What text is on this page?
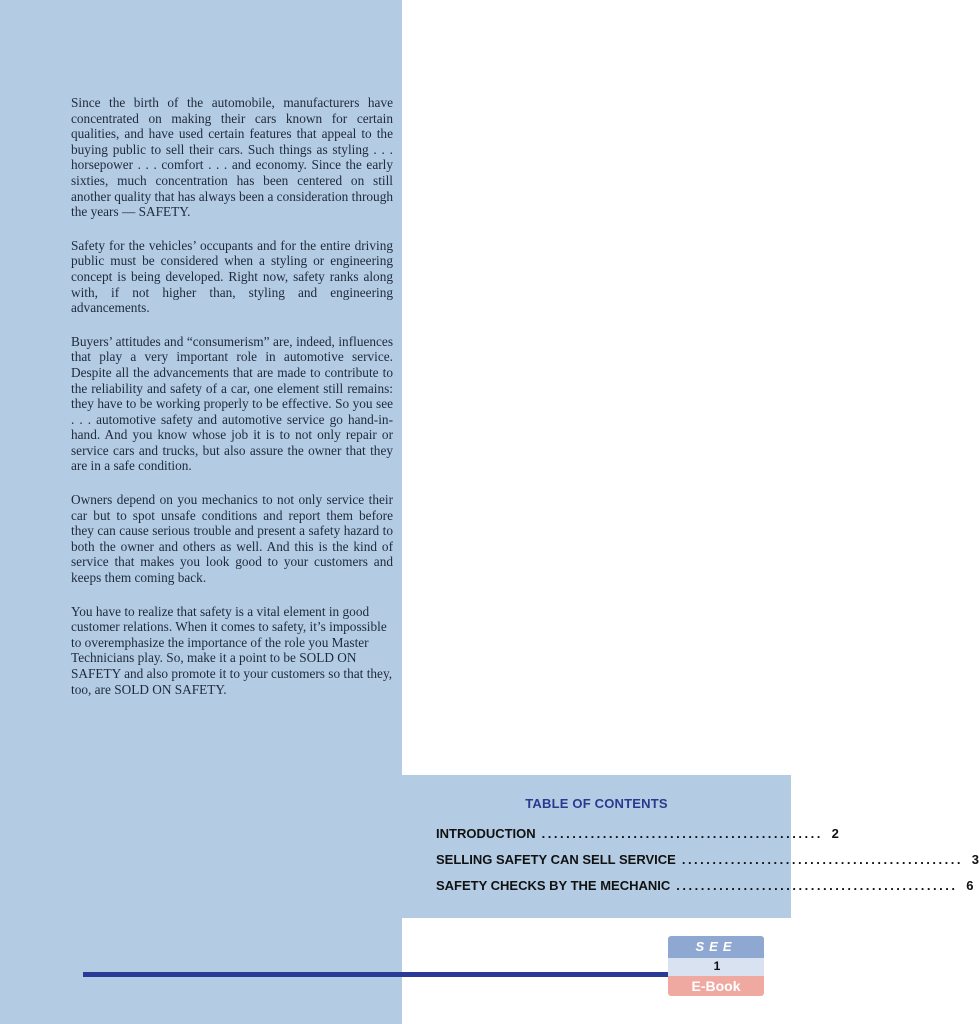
Since the birth of the automobile, manufacturers have concentrated on making their cars known for certain qualities, and have used certain features that appeal to the buying public to sell their cars. Such things as styling . . . horsepower . . . comfort . . . and economy. Since the early sixties, much concentration has been centered on still another quality that has always been a consideration through the years — SAFETY.

Safety for the vehicles’ occupants and for the entire driving public must be considered when a styling or engineering concept is being developed. Right now, safety ranks along with, if not higher than, styling and engineering advancements.

Buyers’ attitudes and “consumerism” are, indeed, influences that play a very important role in automotive service. Despite all the advancements that are made to contribute to the reliability and safety of a car, one element still remains: they have to be working properly to be effective. So you see . . . automotive safety and automotive service go hand-in-hand. And you know whose job it is to not only repair or service cars and trucks, but also assure the owner that they are in a safe condition.

Owners depend on you mechanics to not only service their car but to spot unsafe conditions and report them before they can cause serious trouble and present a safety hazard to both the owner and others as well. And this is the kind of service that makes you look good to your customers and keeps them coming back.

You have to realize that safety is a vital element in good customer relations. When it comes to safety, it’s impossible to overemphasize the importance of the role you Master Technicians play. So, make it a point to be SOLD ON SAFETY and also promote it to your customers so that they, too, are SOLD ON SAFETY.

TABLE OF CONTENTS
INTRODUCTION .............................................. 2
SELLING SAFETY CAN SELL SERVICE .............................................. 3
SAFETY CHECKS BY THE MECHANIC .............................................. 6
SEE
E-Book
1
